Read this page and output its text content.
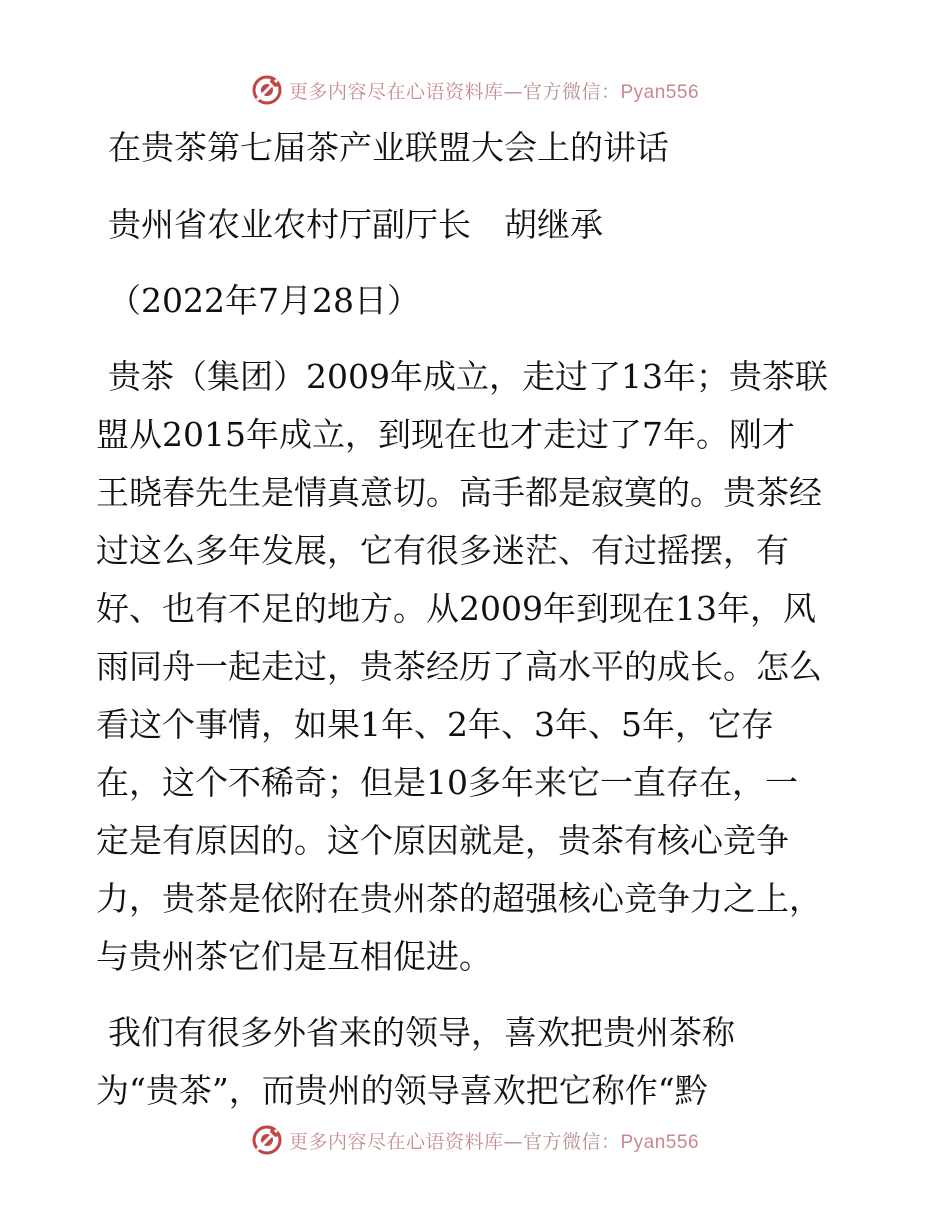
更多内容尽在心语资料库—官方微信：Pyan556
在贵茶第七届茶产业联盟大会上的讲话
贵州省农业农村厅副厅长　胡继承
（2022年7月28日）
贵茶（集团）2009年成立，走过了13年；贵茶联
盟从2015年成立，到现在也才走过了7年。刚才
王晓春先生是情真意切。高手都是寂寞的。贵茶经
过这么多年发展，它有很多迷茫、有过摇摆，有
好、也有不足的地方。从2009年到现在13年，风
雨同舟一起走过，贵茶经历了高水平的成长。怎么
看这个事情，如果1年、2年、3年、5年，它存
在，这个不稀奇；但是10多年来它一直存在，一
定是有原因的。这个原因就是，贵茶有核心竞争
力，贵茶是依附在贵州茶的超强核心竞争力之上，
与贵州茶它们是互相促进。
我们有很多外省来的领导，喜欢把贵州茶称
为“贵茶”，而贵州的领导喜欢把它称作“黔
更多内容尽在心语资料库—官方微信：Pyan556
